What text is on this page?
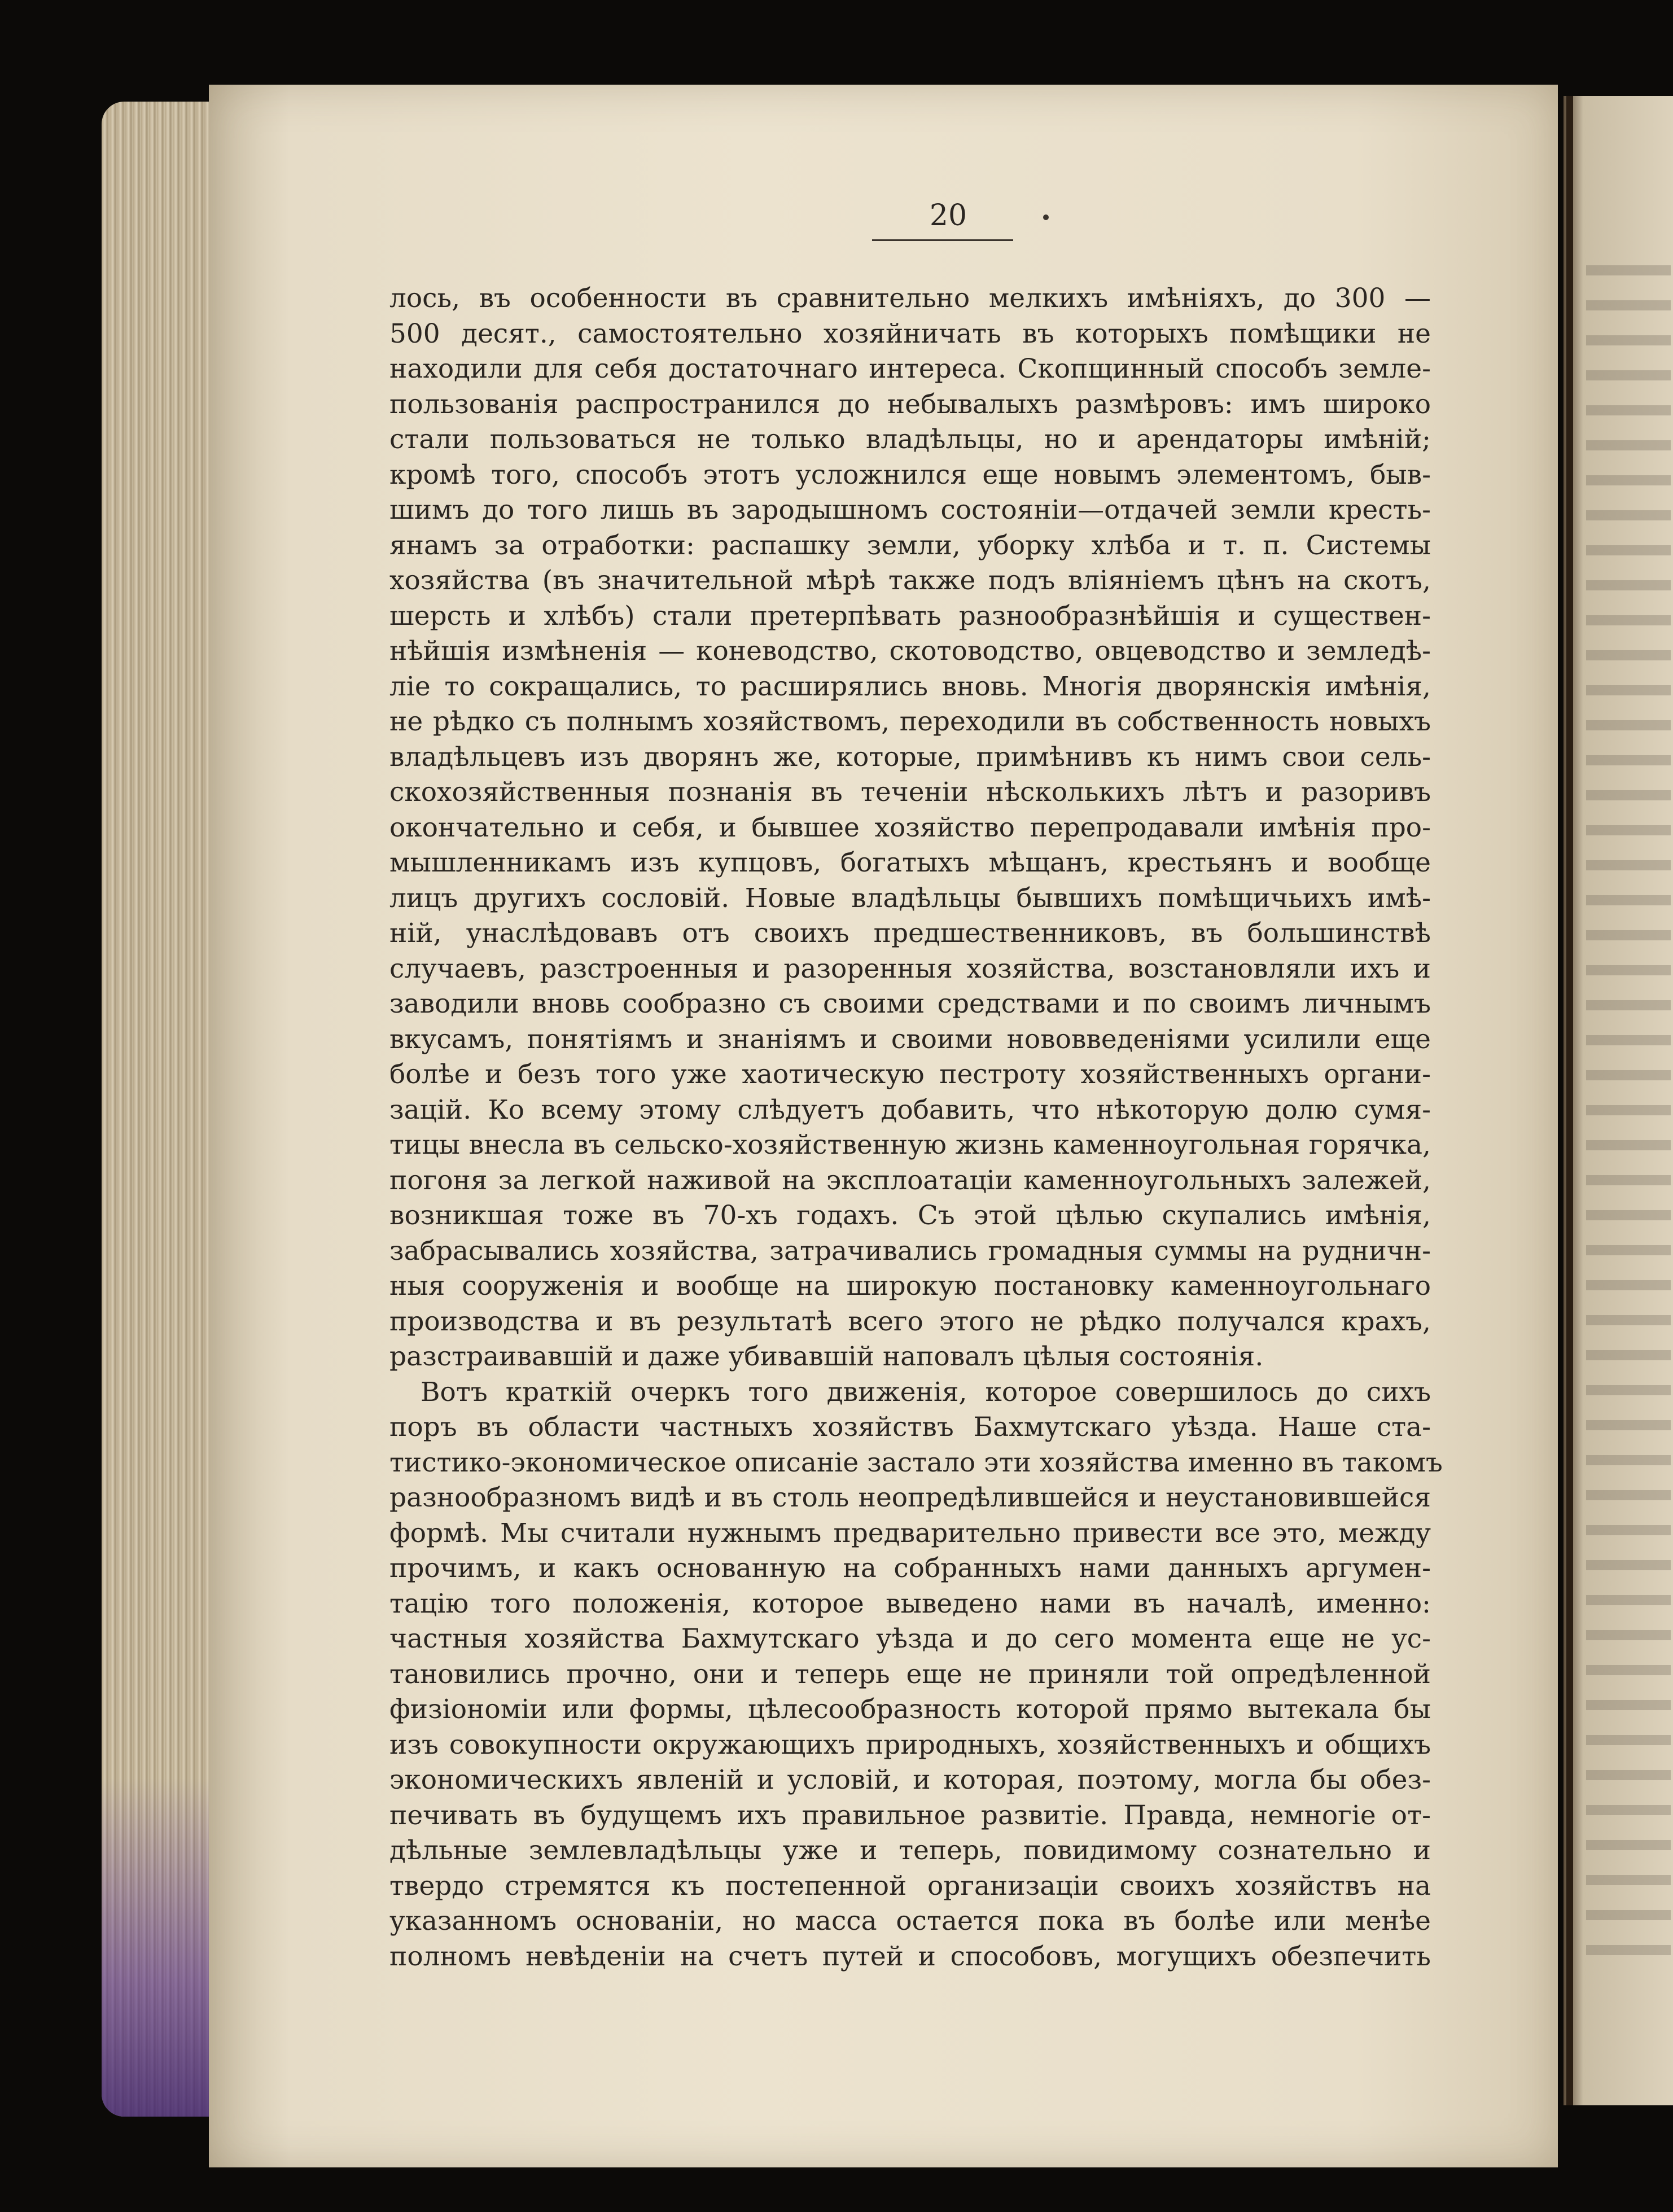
20
лось, въ особенности въ сравнительно мелкихъ имѣніяхъ, до 300 —
500 десят., самостоятельно хозяйничать въ которыхъ помѣщики не
находили для себя достаточнаго интереса. Скопщинный способъ земле-
пользованія распространился до небывалыхъ размѣровъ: имъ широко
стали пользоваться не только владѣльцы, но и арендаторы имѣній;
кромѣ того, способъ этотъ усложнился еще новымъ элементомъ, быв-
шимъ до того лишь въ зародышномъ состояніи—отдачей земли кресть-
янамъ за отработки: распашку земли, уборку хлѣба и т. п. Системы
хозяйства (въ значительной мѣрѣ также подъ вліяніемъ цѣнъ на скотъ,
шерсть и хлѣбъ) стали претерпѣвать разнообразнѣйшія и существен-
нѣйшія измѣненія — коневодство, скотоводство, овцеводство и земледѣ-
ліе то сокращались, то расширялись вновь. Многія дворянскія имѣнія,
не рѣдко съ полнымъ хозяйствомъ, переходили въ собственность новыхъ
владѣльцевъ изъ дворянъ же, которые, примѣнивъ къ нимъ свои сель-
скохозяйственныя познанія въ теченіи нѣсколькихъ лѣтъ и разоривъ
окончательно и себя, и бывшее хозяйство перепродавали имѣнія про-
мышленникамъ изъ купцовъ, богатыхъ мѣщанъ, крестьянъ и вообще
лицъ другихъ сословій. Новые владѣльцы бывшихъ помѣщичьихъ имѣ-
ній, унаслѣдовавъ отъ своихъ предшественниковъ, въ большинствѣ
случаевъ, разстроенныя и разоренныя хозяйства, возстановляли ихъ и
заводили вновь сообразно съ своими средствами и по своимъ личнымъ
вкусамъ, понятіямъ и знаніямъ и своими нововведеніями усилили еще
болѣе и безъ того уже хаотическую пестроту хозяйственныхъ органи-
зацій. Ко всему этому слѣдуетъ добавить, что нѣкоторую долю сумя-
тицы внесла въ сельско-хозяйственную жизнь каменноугольная горячка,
погоня за легкой наживой на эксплоатаціи каменноугольныхъ залежей,
возникшая тоже въ 70-хъ годахъ. Съ этой цѣлью скупались имѣнія,
забрасывались хозяйства, затрачивались громадныя суммы на рудничн-
ныя сооруженія и вообще на широкую постановку каменноугольнаго
производства и въ результатѣ всего этого не рѣдко получался крахъ,
разстраивавшій и даже убивавшій наповалъ цѣлыя состоянія.
Вотъ краткій очеркъ того движенія, которое совершилось до сихъ
поръ въ области частныхъ хозяйствъ Бахмутскаго уѣзда. Наше ста-
тистико-экономическое описаніе застало эти хозяйства именно въ такомъ
разнообразномъ видѣ и въ столь неопредѣлившейся и неустановившейся
формѣ. Мы считали нужнымъ предварительно привести все это, между
прочимъ, и какъ основанную на собранныхъ нами данныхъ аргумен-
тацію того положенія, которое выведено нами въ началѣ, именно:
частныя хозяйства Бахмутскаго уѣзда и до сего момента еще не ус-
тановились прочно, они и теперь еще не приняли той опредѣленной
физіономіи или формы, цѣлесообразность которой прямо вытекала бы
изъ совокупности окружающихъ природныхъ, хозяйственныхъ и общихъ
экономическихъ явленій и условій, и которая, поэтому, могла бы обез-
печивать въ будущемъ ихъ правильное развитіе. Правда, немногіе от-
дѣльные землевладѣльцы уже и теперь, повидимому сознательно и
твердо стремятся къ постепенной организаціи своихъ хозяйствъ на
указанномъ основаніи, но масса остается пока въ болѣе или менѣе
полномъ невѣденіи на счетъ путей и способовъ, могущихъ обезпечить
